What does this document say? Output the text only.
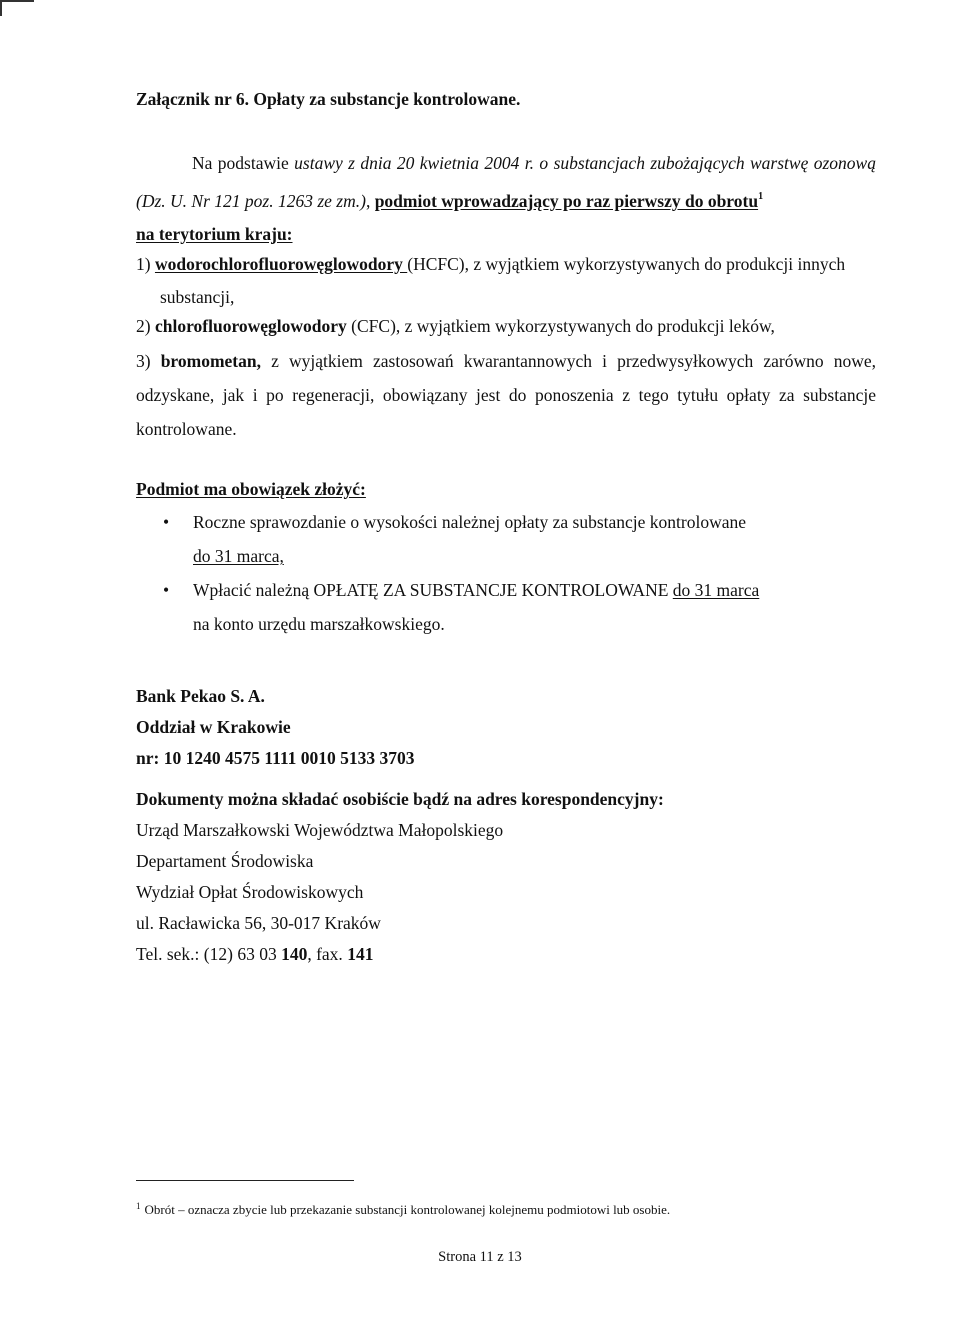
Załącznik nr 6. Opłaty za substancje kontrolowane.
Na podstawie ustawy z dnia 20 kwietnia 2004 r. o substancjach zubożających warstwę ozonową (Dz. U. Nr 121 poz. 1263 ze zm.), podmiot wprowadzający po raz pierwszy do obrotu$^1$
na terytorium kraju:
1) wodorochlorofluorowęglowodory (HCFC), z wyjątkiem wykorzystywanych do produkcji innych substancji,
2) chlorofluorowęglowodory (CFC), z wyjątkiem wykorzystywanych do produkcji leków,
3) bromometan, z wyjątkiem zastosowań kwarantannowych i przedwysyłkowych zarówno nowe, odzyskane, jak i po regeneracji, obowiązany jest do ponoszenia z tego tytułu opłaty za substancje kontrolowane.
Podmiot ma obowiązek złożyć:
•	Roczne sprawozdanie o wysokości należnej opłaty za substancje kontrolowane
do 31 marca,
•	Wpłacić należną OPŁATĘ ZA SUBSTANCJE KONTROLOWANE do 31 marca
na konto urzędu marszałkowskiego.
Bank Pekao S. A.
Oddział w Krakowie
nr: 10 1240 4575 1111 0010 5133 3703
Dokumenty można składać osobiście bądź na adres korespondencyjny:
Urząd Marszałkowski Województwa Małopolskiego
Departament Środowiska
Wydział Opłat Środowiskowych
ul. Racławicka 56, 30-017 Kraków
Tel. sek.: (12) 63 03 140, fax. 141
$^1$ Obrót – oznacza zbycie lub przekazanie substancji kontrolowanej kolejnemu podmiotowi lub osobie.
Strona 11 z 13
